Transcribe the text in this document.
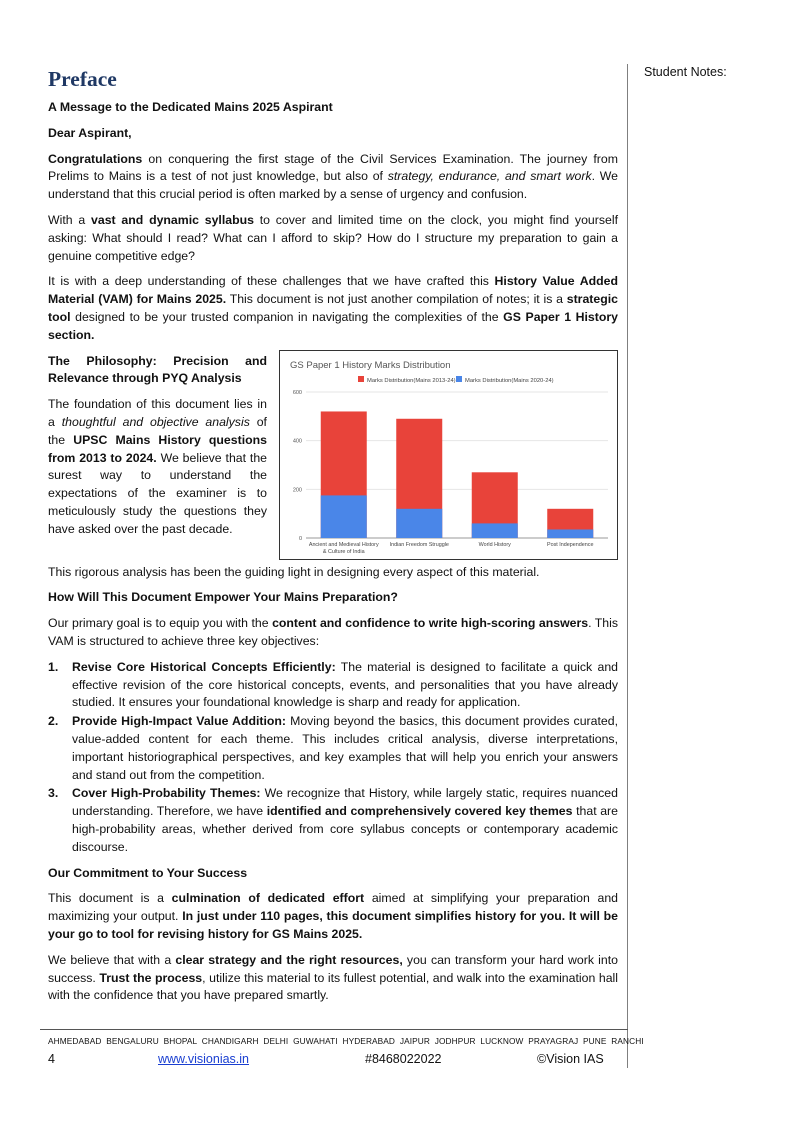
Student Notes:
Preface
A Message to the Dedicated Mains 2025 Aspirant
Dear Aspirant,

Congratulations on conquering the first stage of the Civil Services Examination. The journey from Prelims to Mains is a test of not just knowledge, but also of strategy, endurance, and smart work. We understand that this crucial period is often marked by a sense of urgency and confusion.

With a vast and dynamic syllabus to cover and limited time on the clock, you might find yourself asking: What should I read? What can I afford to skip? How do I structure my preparation to gain a genuine competitive edge?

It is with a deep understanding of these challenges that we have crafted this History Value Added Material (VAM) for Mains 2025. This document is not just another compilation of notes; it is a strategic tool designed to be your trusted companion in navigating the complexities of the GS Paper 1 History section.

GS Paper 1 History Marks Distribution
Marks Distribution(Mains 2013-24) Marks Distribution(Mains 2020-24)
0
200
400
600
Ancient and Medieval History
& Culture of India
Indian Freedom Struggle	World History	Post Independence
The Philosophy: Precision and Relevance through PYQ Analysis

The foundation of this document lies in a thoughtful and objective analysis of the UPSC Mains History questions from 2013 to 2024. We believe that the surest way to understand the expectations of the examiner is to meticulously study the questions they have asked over the past decade.

This rigorous analysis has been the guiding light in designing every aspect of this material.

How Will This Document Empower Your Mains Preparation?

Our primary goal is to equip you with the content and confidence to write high-scoring answers. This VAM is structured to achieve three key objectives:

1. Revise Core Historical Concepts Efficiently: The material is designed to facilitate a quick and effective revision of the core historical concepts, events, and personalities that you have already studied. It ensures your foundational knowledge is sharp and ready for application.
2. Provide High-Impact Value Addition: Moving beyond the basics, this document provides curated, value-added content for each theme. This includes critical analysis, diverse interpretations, important historiographical perspectives, and key examples that will help you enrich your answers and stand out from the competition.
3. Cover High-Probability Themes: We recognize that History, while largely static, requires nuanced understanding. Therefore, we have identified and comprehensively covered key themes that are high-probability areas, whether derived from core syllabus concepts or contemporary academic discourse.
Our Commitment to Your Success

This document is a culmination of dedicated effort aimed at simplifying your preparation and maximizing your output. In just under 110 pages, this document simplifies history for you. It will be your go to tool for revising history for GS Mains 2025.

We believe that with a clear strategy and the right resources, you can transform your hard work into success. Trust the process, utilize this material to its fullest potential, and walk into the examination hall with the confidence that you have prepared smartly.

AHMEDABAD  BENGALURU  BHOPAL  CHANDIGARH  DELHI  GUWAHATI  HYDERABAD  JAIPUR  JODHPUR  LUCKNOW  PRAYAGRAJ  PUNE  RANCHI
4	www.visionias.in	#8468022022	©Vision IAS
